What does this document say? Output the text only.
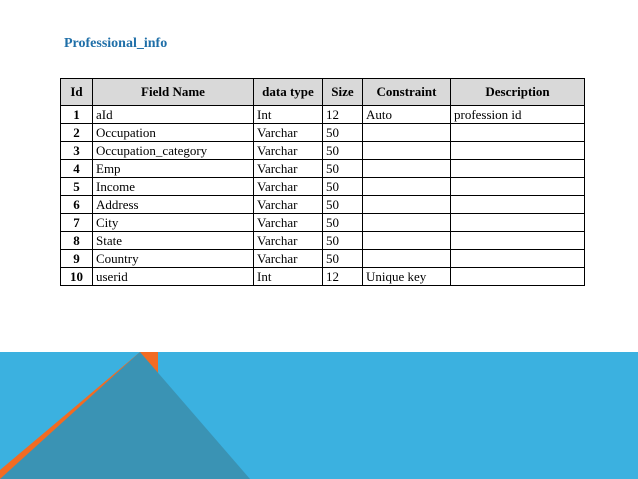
Professional_info
Id	Field Name	data type	Size	Constraint	Description
1	aId	Int	12	Auto	profession id
2	Occupation	Varchar	50		
3	Occupation_category	Varchar	50		
4	Emp	Varchar	50		
5	Income	Varchar	50		
6	Address	Varchar	50		
7	City	Varchar	50		
8	State	Varchar	50		
9	Country	Varchar	50		
10	userid	Int	12	Unique key	
